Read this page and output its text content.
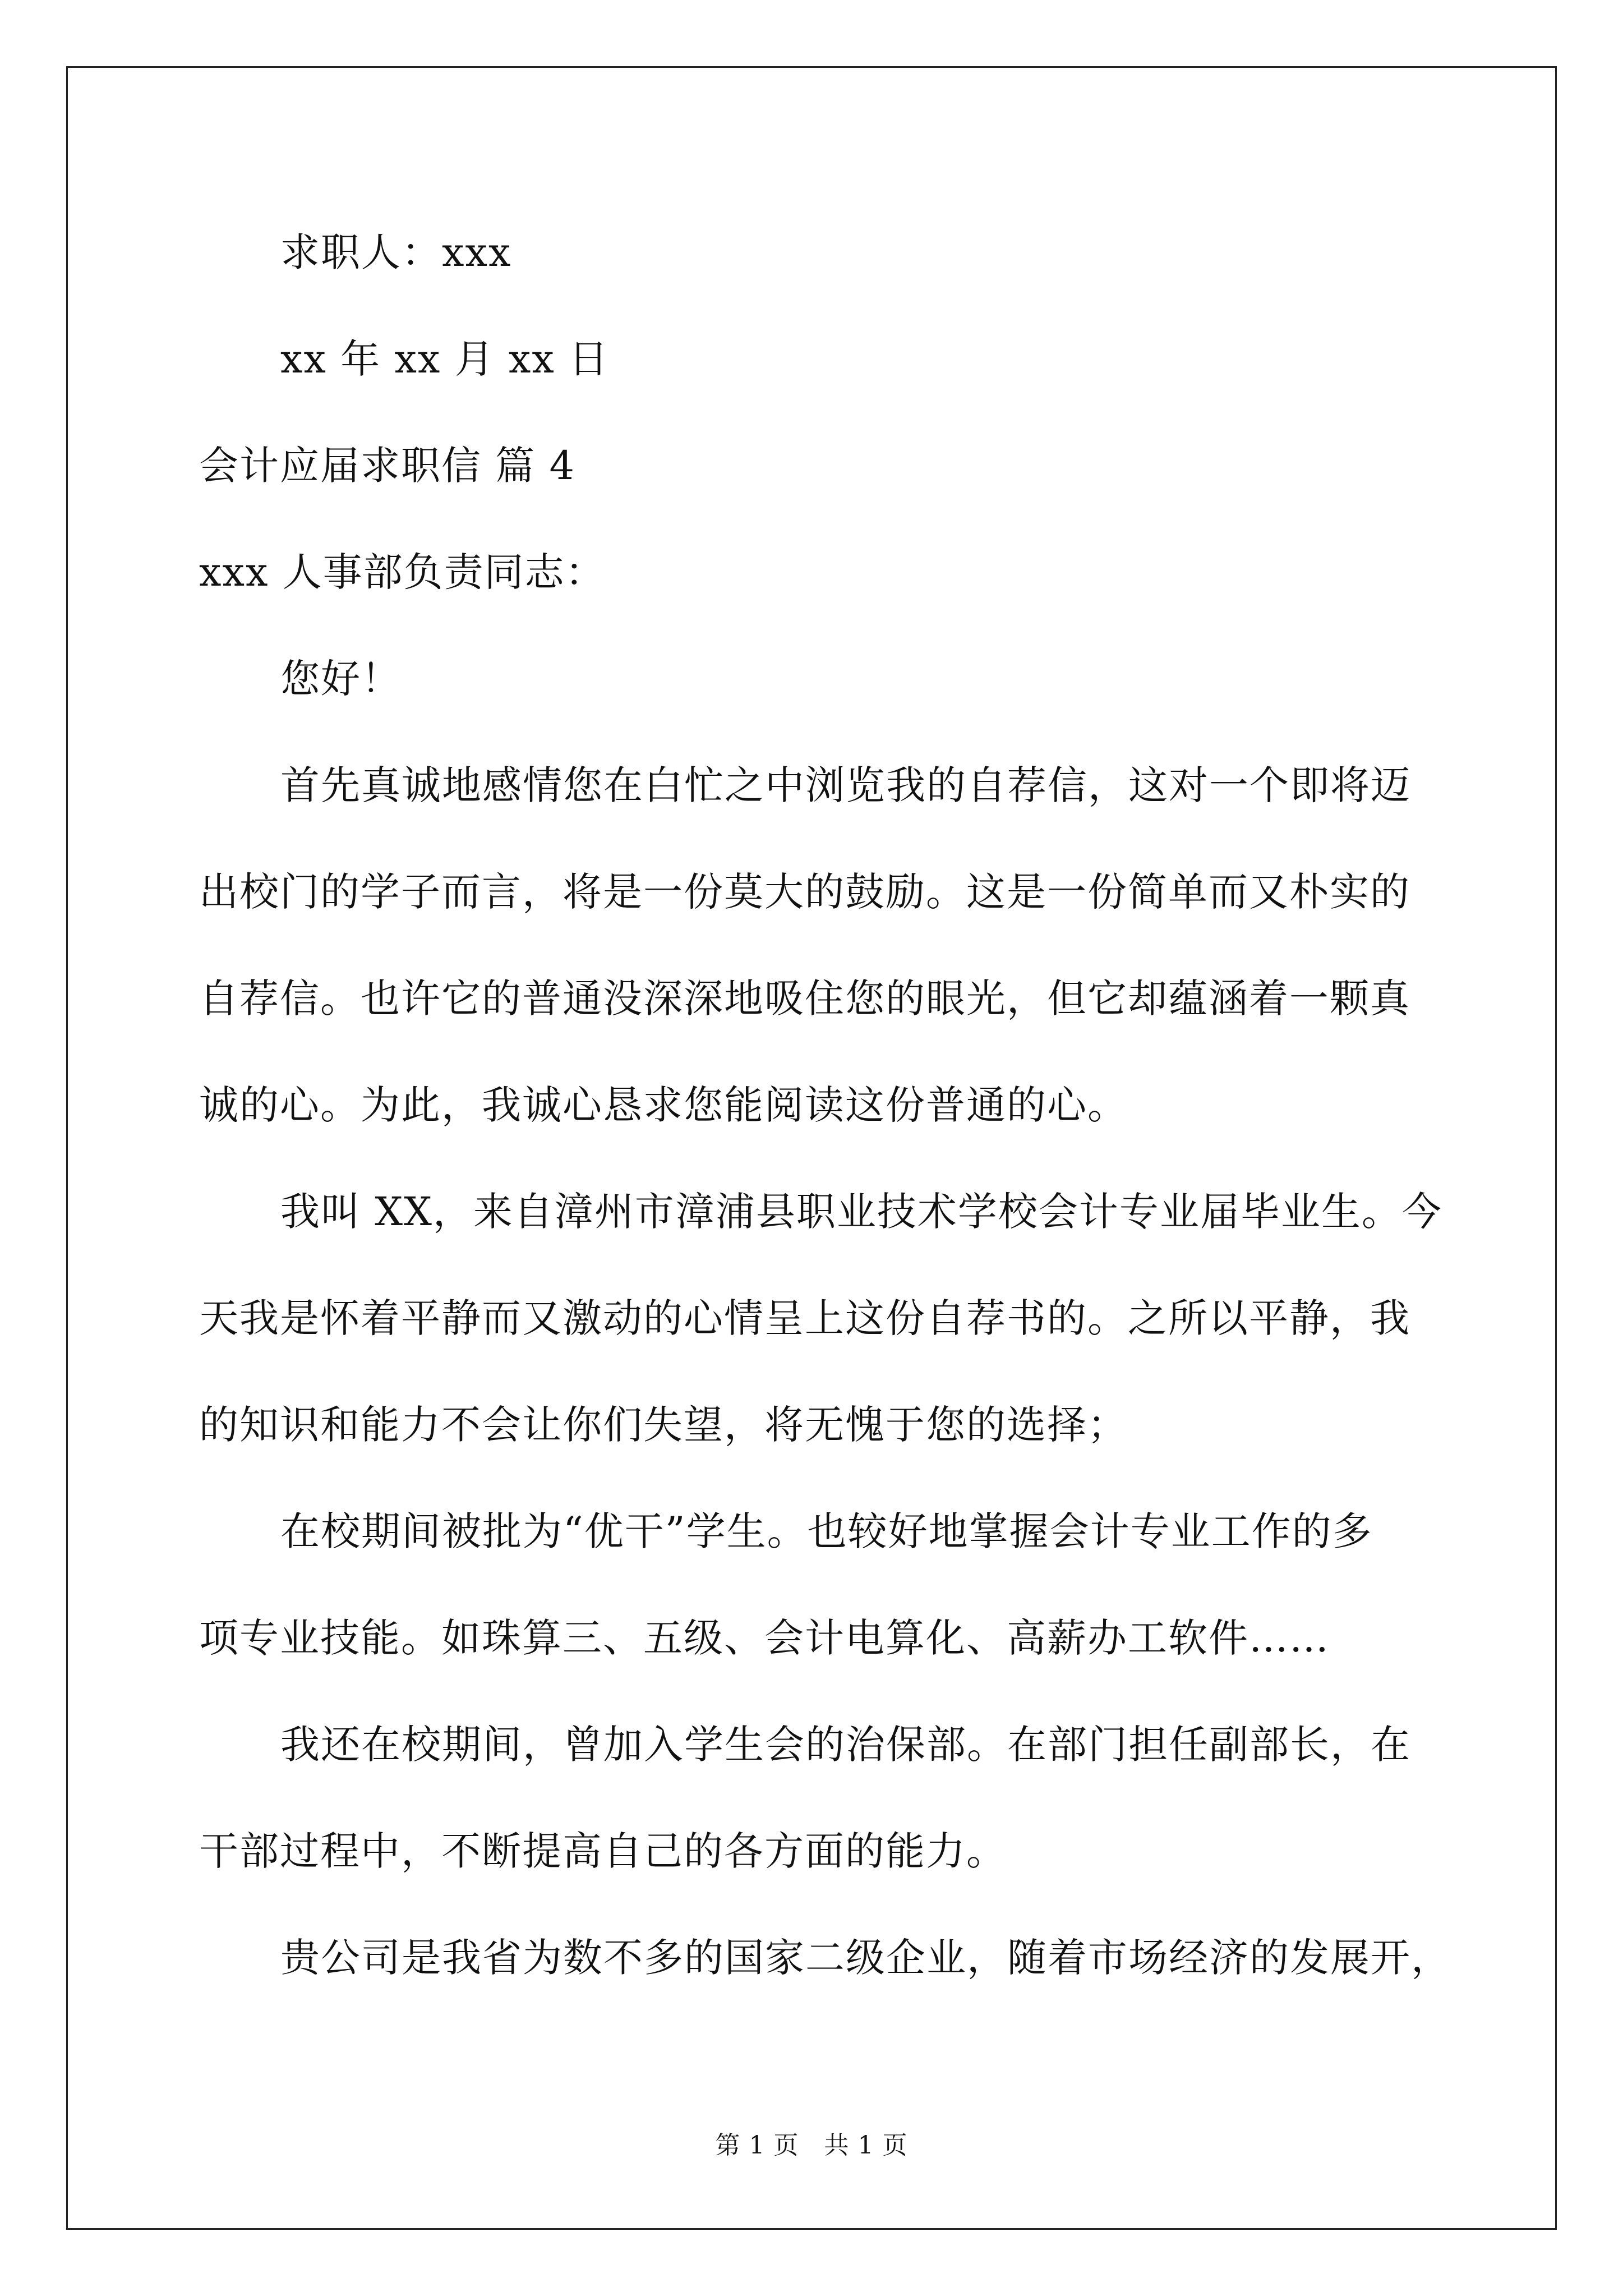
求职人：xxx
xx 年 xx 月 xx 日
会计应届求职信 篇 4
xxx 人事部负责同志：
您好！
首先真诚地感情您在白忙之中浏览我的自荐信，这对一个即将迈
出校门的学子而言，将是一份莫大的鼓励。这是一份简单而又朴实的
自荐信。也许它的普通没深深地吸住您的眼光，但它却蕴涵着一颗真
诚的心。为此，我诚心恳求您能阅读这份普通的心。
我叫 XX，来自漳州市漳浦县职业技术学校会计专业届毕业生。今
天我是怀着平静而又激动的心情呈上这份自荐书的。之所以平静，我
的知识和能力不会让你们失望，将无愧于您的选择；
在校期间被批为“优干”学生。也较好地掌握会计专业工作的多
项专业技能。如珠算三、五级、会计电算化、高薪办工软件……
我还在校期间，曾加入学生会的治保部。在部门担任副部长，在
干部过程中，不断提高自己的各方面的能力。
贵公司是我省为数不多的国家二级企业，随着市场经济的发展开，
第 1 页　共 1 页
